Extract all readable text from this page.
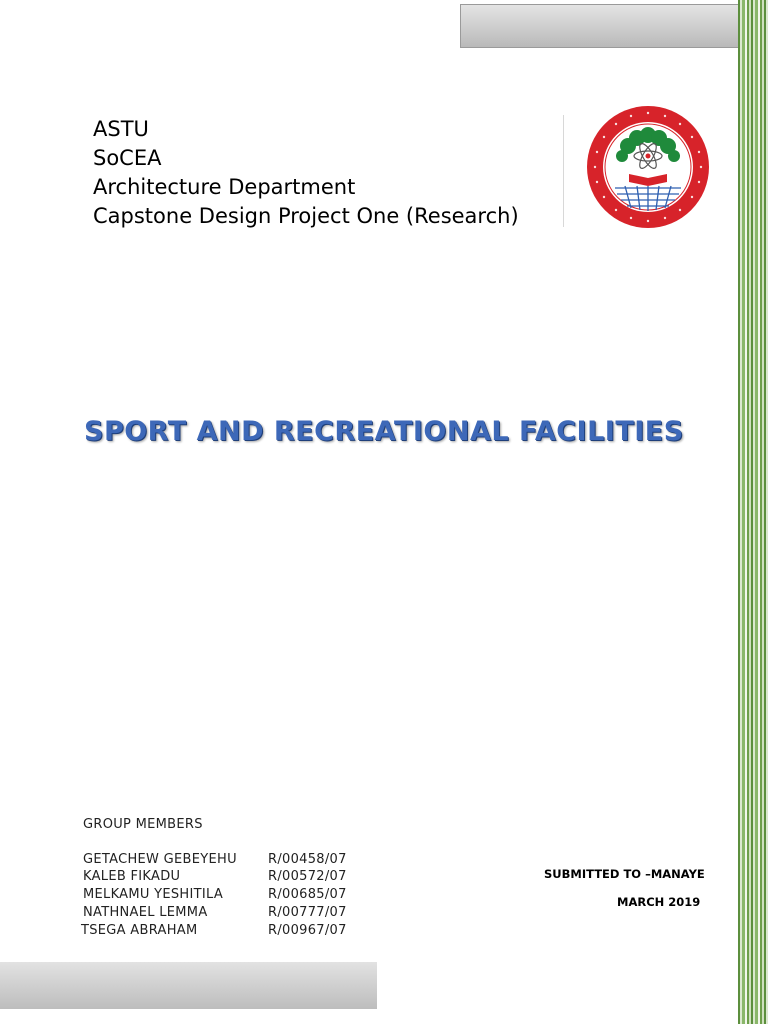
ASTU
SoCEA
Architecture Department
Capstone Design Project One (Research)
SPORT AND RECREATIONAL FACILITIES
GROUP MEMBERS
GETACHEW GEBEYEHU R/00458/07
KALEB FIKADU	R/00572/07
MELKAMU YESHITILA	R/00685/07
NATHNAEL LEMMA	R/00777/07
TSEGA ABRAHAM	R/00967/07
SUBMITTED TO –MANAYE
MARCH 2019
